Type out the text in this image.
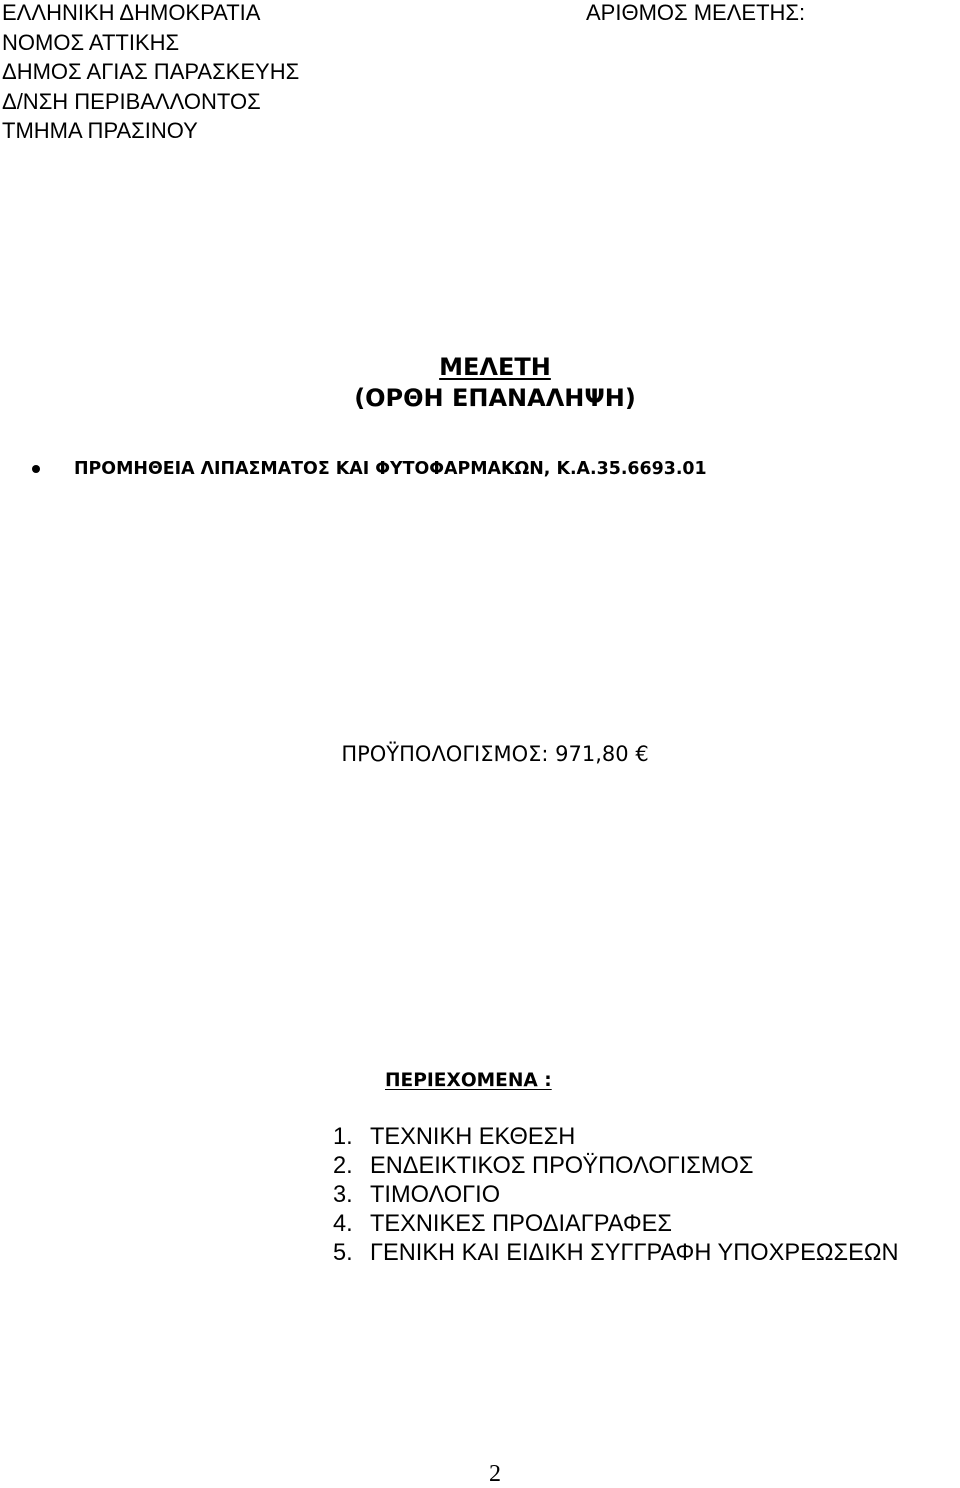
ΕΛΛΗΝΙΚΗ ΔΗΜΟΚΡΑΤΙΑ
ΝΟΜΟΣ ΑΤΤΙΚΗΣ
ΔΗΜΟΣ ΑΓΙΑΣ ΠΑΡΑΣΚΕΥΗΣ
Δ/ΝΣΗ ΠΕΡΙΒΑΛΛΟΝΤΟΣ
ΤΜΗΜΑ ΠΡΑΣΙΝΟΥ
ΑΡΙΘΜΟΣ ΜΕΛΕΤΗΣ:
ΜΕΛΕΤΗ
(ΟΡΘΗ ΕΠΑΝΑΛΗΨΗ)
ΠΡΟΜΗΘΕΙΑ ΛΙΠΑΣΜΑΤΟΣ ΚΑΙ ΦΥΤΟΦΑΡΜΑΚΩΝ, Κ.Α.35.6693.01
ΠΡΟΫΠΟΛΟΓΙΣΜΟΣ: 971,80 €
ΠΕΡΙΕΧΟΜΕΝΑ :
1. ΤΕΧΝΙΚΗ ΕΚΘΕΣΗ
2. ΕΝΔΕΙΚΤΙΚΟΣ ΠΡΟΫΠΟΛΟΓΙΣΜΟΣ
3. ΤΙΜΟΛΟΓΙΟ
4. ΤΕΧΝΙΚΕΣ ΠΡΟΔΙΑΓΡΑΦΕΣ
5. ΓΕΝΙΚΗ ΚΑΙ ΕΙΔΙΚΗ ΣΥΓΓΡΑΦΗ ΥΠΟΧΡΕΩΣΕΩΝ
2
